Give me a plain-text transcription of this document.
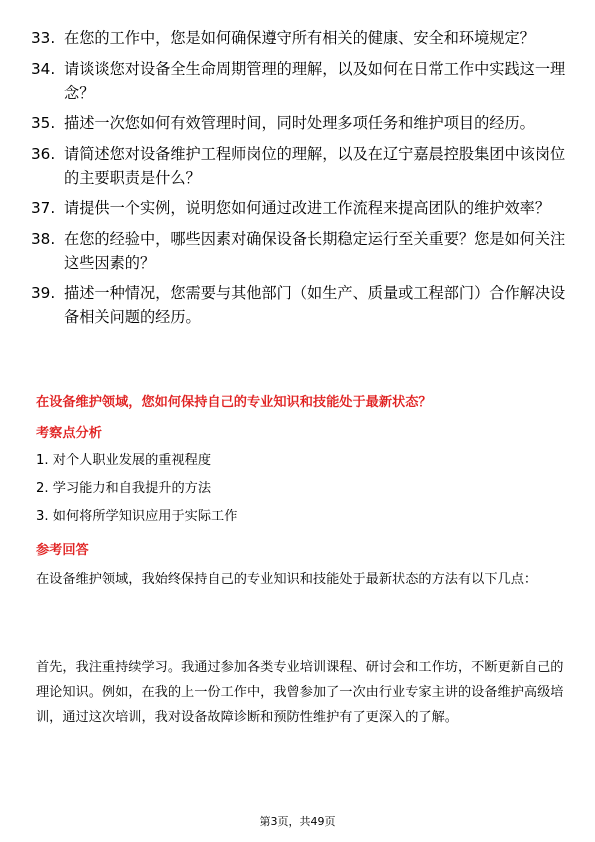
33. 在您的工作中，您是如何确保遵守所有相关的健康、安全和环境规定？
34. 请谈谈您对设备全生命周期管理的理解，以及如何在日常工作中实践这一理念？
35. 描述一次您如何有效管理时间，同时处理多项任务和维护项目的经历。
36. 请简述您对设备维护工程师岗位的理解，以及在辽宁嘉晨控股集团中该岗位的主要职责是什么？
37. 请提供一个实例，说明您如何通过改进工作流程来提高团队的维护效率？
38. 在您的经验中，哪些因素对确保设备长期稳定运行至关重要？您是如何关注这些因素的？
39. 描述一种情况，您需要与其他部门（如生产、质量或工程部门）合作解决设备相关问题的经历。
在设备维护领域，您如何保持自己的专业知识和技能处于最新状态？
考察点分析
1. 对个人职业发展的重视程度
2. 学习能力和自我提升的方法
3. 如何将所学知识应用于实际工作
参考回答
在设备维护领域，我始终保持自己的专业知识和技能处于最新状态的方法有以下几点：
首先，我注重持续学习。我通过参加各类专业培训课程、研讨会和工作坊，不断更新自己的理论知识。例如，在我的上一份工作中，我曾参加了一次由行业专家主讲的设备维护高级培训，通过这次培训，我对设备故障诊断和预防性维护有了更深入的了解。
第3页，共49页
